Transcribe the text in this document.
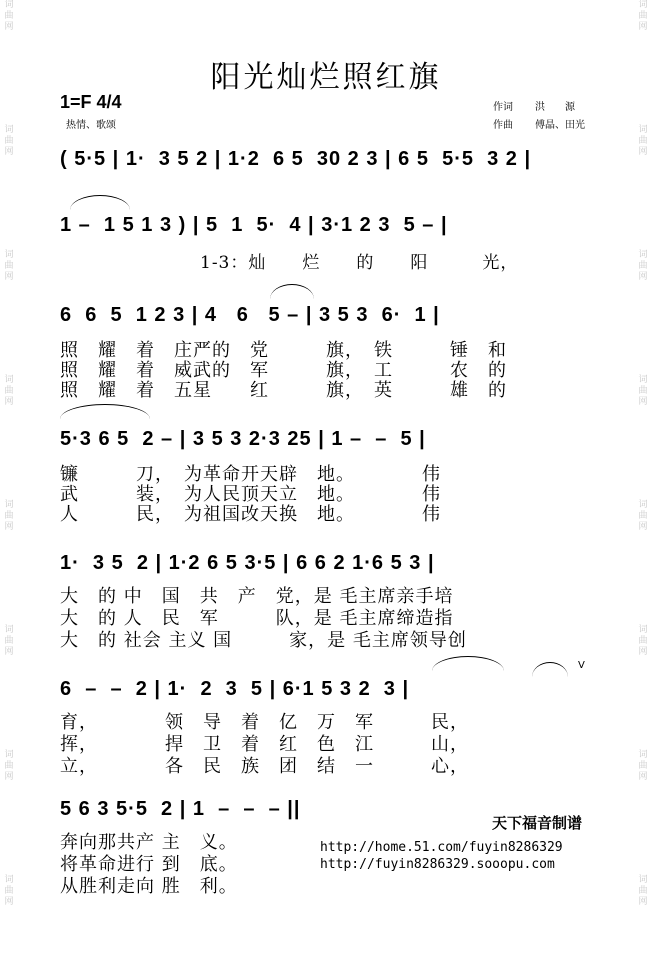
词曲网
词曲网
词曲网
词曲网
词曲网
词曲网
词曲网
词曲网
词曲网
词曲网
词曲网
词曲网
词曲网
词曲网
词曲网
词曲网
阳光灿烂照红旗
1=F 4/4
热情、歌颂
作词 洪　　源
作曲 傅晶、田光
( 5·5 | 1·  3 5 2 | 1·2  6 5  30 2 3 | 6 5  5·5  3 2 |
1 –  1 5 1 3 ) | 5  1  5·  4 | 3·1 2 3  5 – |
1-3：灿　　烂　　的　　阳　　　光，
6  6  5  1 2 3 | 4   6   5 – | 3 5 3  6·  1 |
照　耀　着　庄严的　党　　　旗，　铁　　　锤　和
照　耀　着　威武的　军　　　旗，　工　　　农　的
照　耀　着　五星　　红　　　旗，　英　　　雄　的
5·3 6 5  2 – | 3 5 3 2·3 25 | 1 –  –  5 |
镰　　　刀，　为革命开天辟　地。　　　　伟
武　　　装，　为人民顶天立　地。　　　　伟
人　　　民，　为祖国改天换　地。　　　　伟
1·  3 5  2 | 1·2 6 5 3·5 | 6 6 2 1·6 5 3 |
大　的 中　国　共　产　党，是 毛主席亲手培
大　的 人　民　军　　　队，是 毛主席缔造指
大　的 社会 主义 国　　　家，是 毛主席领导创
V
6  –  –  2 | 1·  2  3  5 | 6·1 5 3 2  3 |
育，　　　　领　导　着　亿　万　军　　　民，
挥，　　　　捍　卫　着　红　色　江　　　山，
立，　　　　各　民　族　团　结　一　　　心，
5 6 3 5·5  2 | 1  –  –  – ||
奔向那共产 主　义。
将革命进行 到　底。
从胜利走向 胜　利。
天下福音制谱
http://home.51.com/fuyin8286329
http://fuyin8286329.sooopu.com
